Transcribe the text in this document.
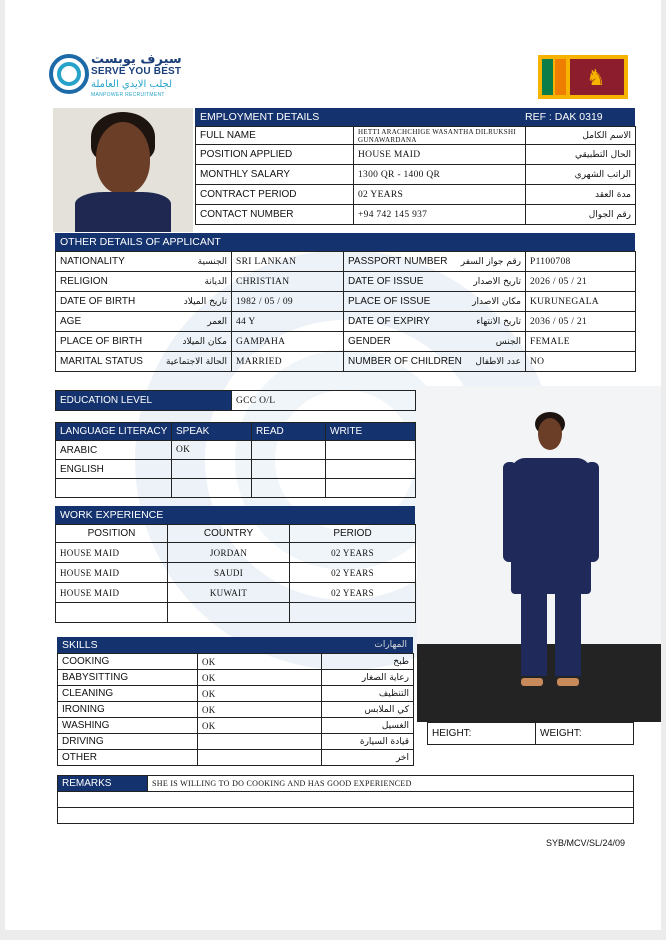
سيرف يوبست
SERVE YOU BEST
لجلب الايدي العاملة
MANPOWER RECRUITMENT
♞
EMPLOYMENT DETAILS	REF : DAK 0319
FULL NAME	HETTI ARACHCHIGE WASANTHA DILRUKSHI GUNAWARDANA	الاسم الكامل
POSITION APPLIED	HOUSE MAID	الحال التطبيقي
MONTHLY SALARY	1300 QR - 1400 QR	الراتب الشهري
CONTRACT PERIOD	02 YEARS	مدة العقد
CONTACT NUMBER	+94 742 145 937	رقم الجوال
OTHER DETAILS OF APPLICANT
NATIONALITY الجنسية	SRI LANKAN	PASSPORT NUMBER رقم جواز السفر	P1100708

RELIGION الديانة	CHRISTIAN	DATE OF ISSUE تاريخ الاصدار	2026 / 05 / 21

DATE OF BIRTH تاريخ الميلاد	1982 / 05 / 09	PLACE OF ISSUE مكان الاصدار	KURUNEGALA

AGE العمر	44 Y	DATE OF EXPIRY تاريخ الانتهاء	2036 / 05 / 21

PLACE OF BIRTH مكان الميلاد	GAMPAHA	GENDER الجنس	FEMALE

MARITAL STATUS الحالة الاجتماعية	MARRIED	NUMBER OF CHILDREN عدد الاطفال	NO
EDUCATION LEVEL	GCC O/L
LANGUAGE LITERACY	SPEAK	READ	WRITE
ARABIC	OK		
ENGLISH			

WORK EXPERIENCE
POSITION	COUNTRY	PERIOD
HOUSE MAID	JORDAN	02 YEARS
HOUSE MAID	SAUDI	02 YEARS
HOUSE MAID	KUWAIT	02 YEARS

SKILLS	المهارات
COOKING	OK	طبخ
BABYSITTING	OK	رعاية الصغار
CLEANING	OK	التنظيف
IRONING	OK	كي الملابس
WASHING	OK	الغسيل
DRIVING		قيادة السيارة
OTHER		اخر
HEIGHT:	WEIGHT:
REMARKS	SHE IS WILLING TO DO COOKING AND HAS GOOD EXPERIENCED

SYB/MCV/SL/24/09
